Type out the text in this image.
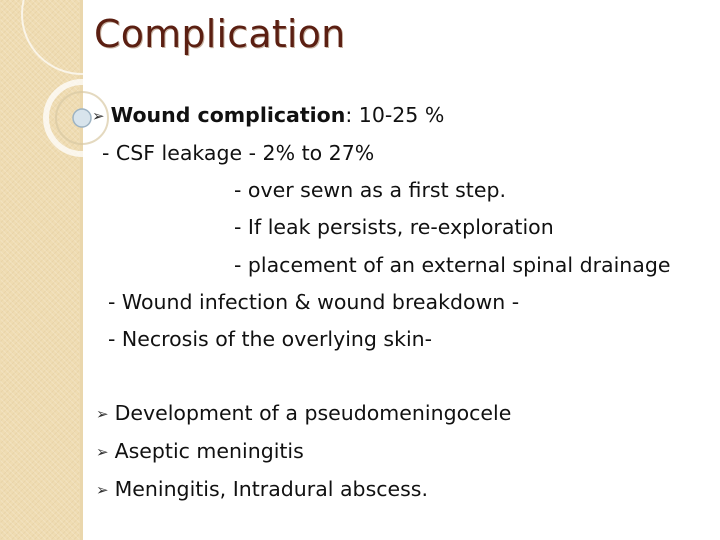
Complication
➢ Wound complication: 10-25 %
- CSF leakage - 2% to 27%
- over sewn as a first step.
- If leak persists, re-exploration
- placement of an external spinal drainage
- Wound infection & wound breakdown -
- Necrosis of the overlying skin-
➢ Development of a pseudomeningocele
➢ Aseptic meningitis
➢ Meningitis, Intradural abscess.
